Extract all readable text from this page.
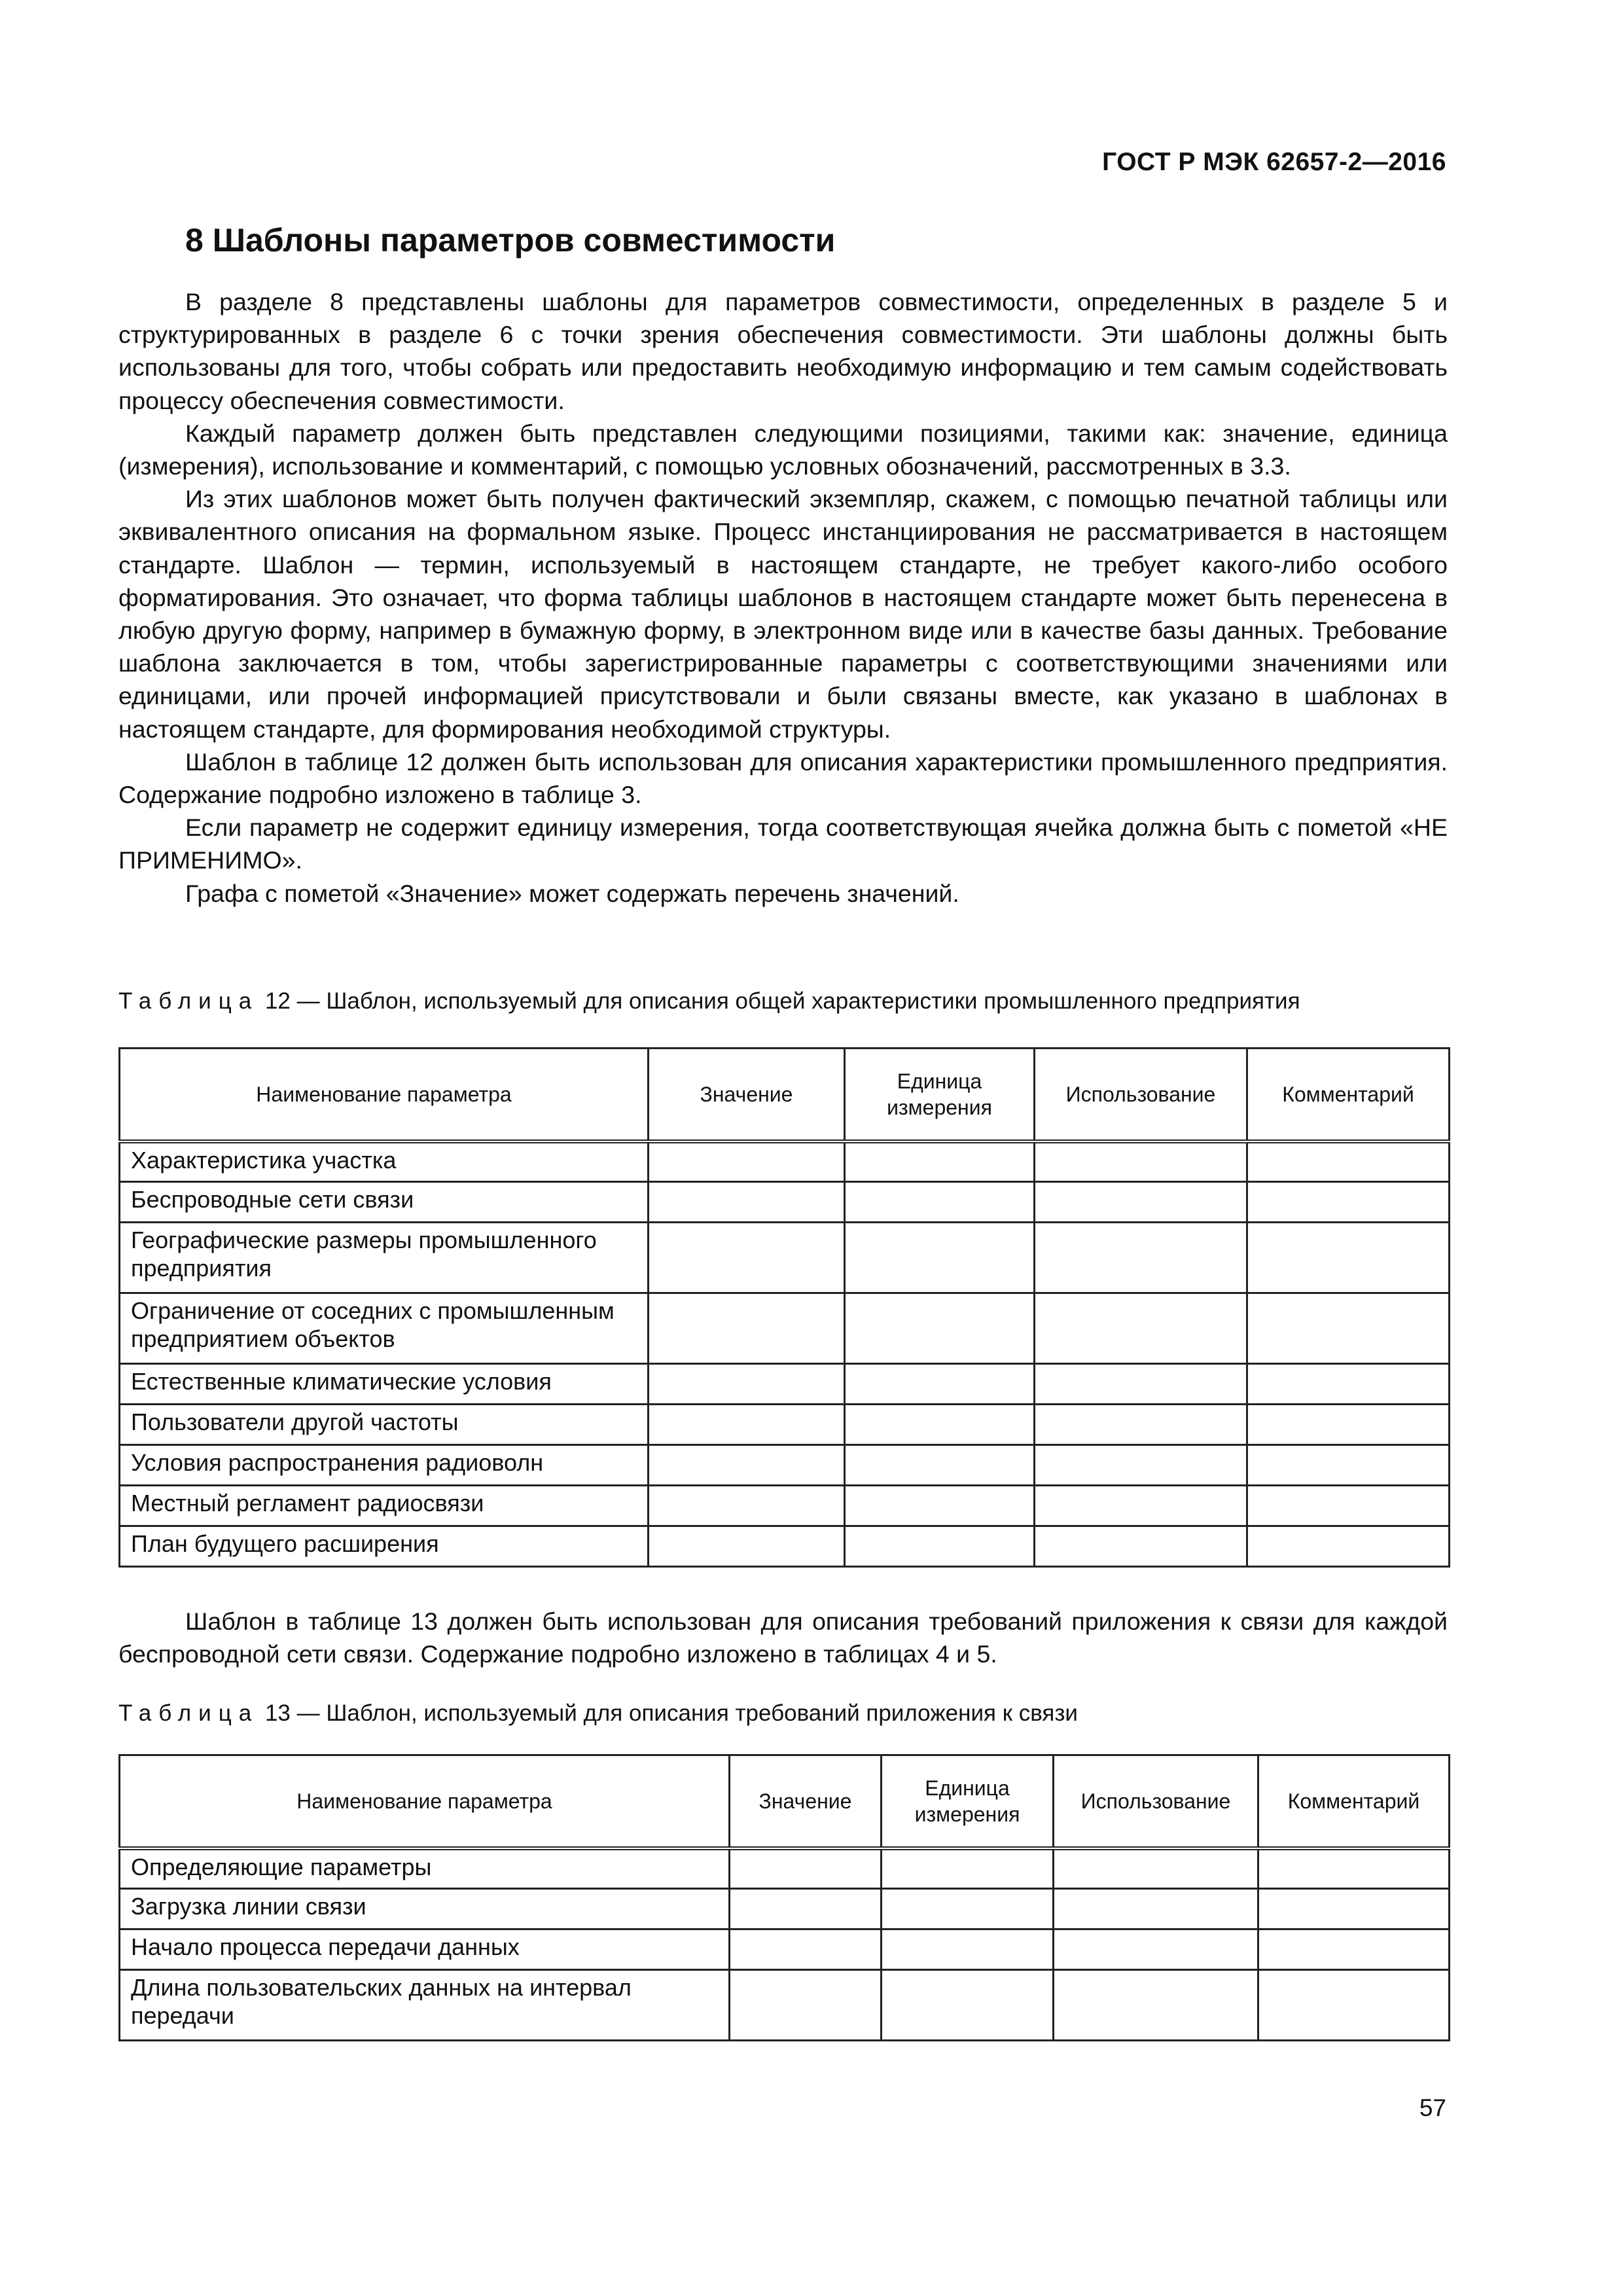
ГОСТ Р МЭК 62657-2—2016
8 Шаблоны параметров совместимости

В разделе 8 представлены шаблоны для параметров совместимости, определенных в разделе 5 и структурированных в разделе 6 с точки зрения обеспечения совместимости. Эти шаблоны должны быть использованы для того, чтобы собрать или предоставить необходимую информацию и тем самым содействовать процессу обеспечения совместимости.

Каждый параметр должен быть представлен следующими позициями, такими как: значение, единица (измерения), использование и комментарий, с помощью условных обозначений, рассмотренных в 3.3.

Из этих шаблонов может быть получен фактический экземпляр, скажем, с помощью печатной таблицы или эквивалентного описания на формальном языке. Процесс инстанциирования не рассматривается в настоящем стандарте. Шаблон — термин, используемый в настоящем стандарте, не требует какого-либо особого форматирования. Это означает, что форма таблицы шаблонов в настоящем стандарте может быть перенесена в любую другую форму, например в бумажную форму, в электронном виде или в качестве базы данных. Требование шаблона заключается в том, чтобы зарегистрированные параметры с соответствующими значениями или единицами, или прочей информацией присутствовали и были связаны вместе, как указано в шаблонах в настоящем стандарте, для формирования необходимой структуры.

Шаблон в таблице 12 должен быть использован для описания характеристики промышленного предприятия. Содержание подробно изложено в таблице 3.

Если параметр не содержит единицу измерения, тогда соответствующая ячейка должна быть с пометой «НЕ ПРИМЕНИМО».

Графа с пометой «Значение» может содержать перечень значений.

Таблица 12 — Шаблон, используемый для описания общей характеристики промышленного предприятия
Наименование параметра	Значение	Единица измерения	Использование	Комментарий
Характеристика участка				
Беспроводные сети связи				
Географические размеры промышленного предприятия				
Ограничение от соседних с промышленным предприятием объектов				
Естественные климатические условия				
Пользователи другой частоты				
Условия распространения радиоволн				
Местный регламент радиосвязи				
План будущего расширения				

Шаблон в таблице 13 должен быть использован для описания требований приложения к связи для каждой беспроводной сети связи. Содержание подробно изложено в таблицах 4 и 5.

Таблица 13 — Шаблон, используемый для описания требований приложения к связи
Наименование параметра	Значение	Единица измерения	Использование	Комментарий
Определяющие параметры				
Загрузка линии связи				
Начало процесса передачи данных				
Длина пользовательских данных на интервал передачи				
57
